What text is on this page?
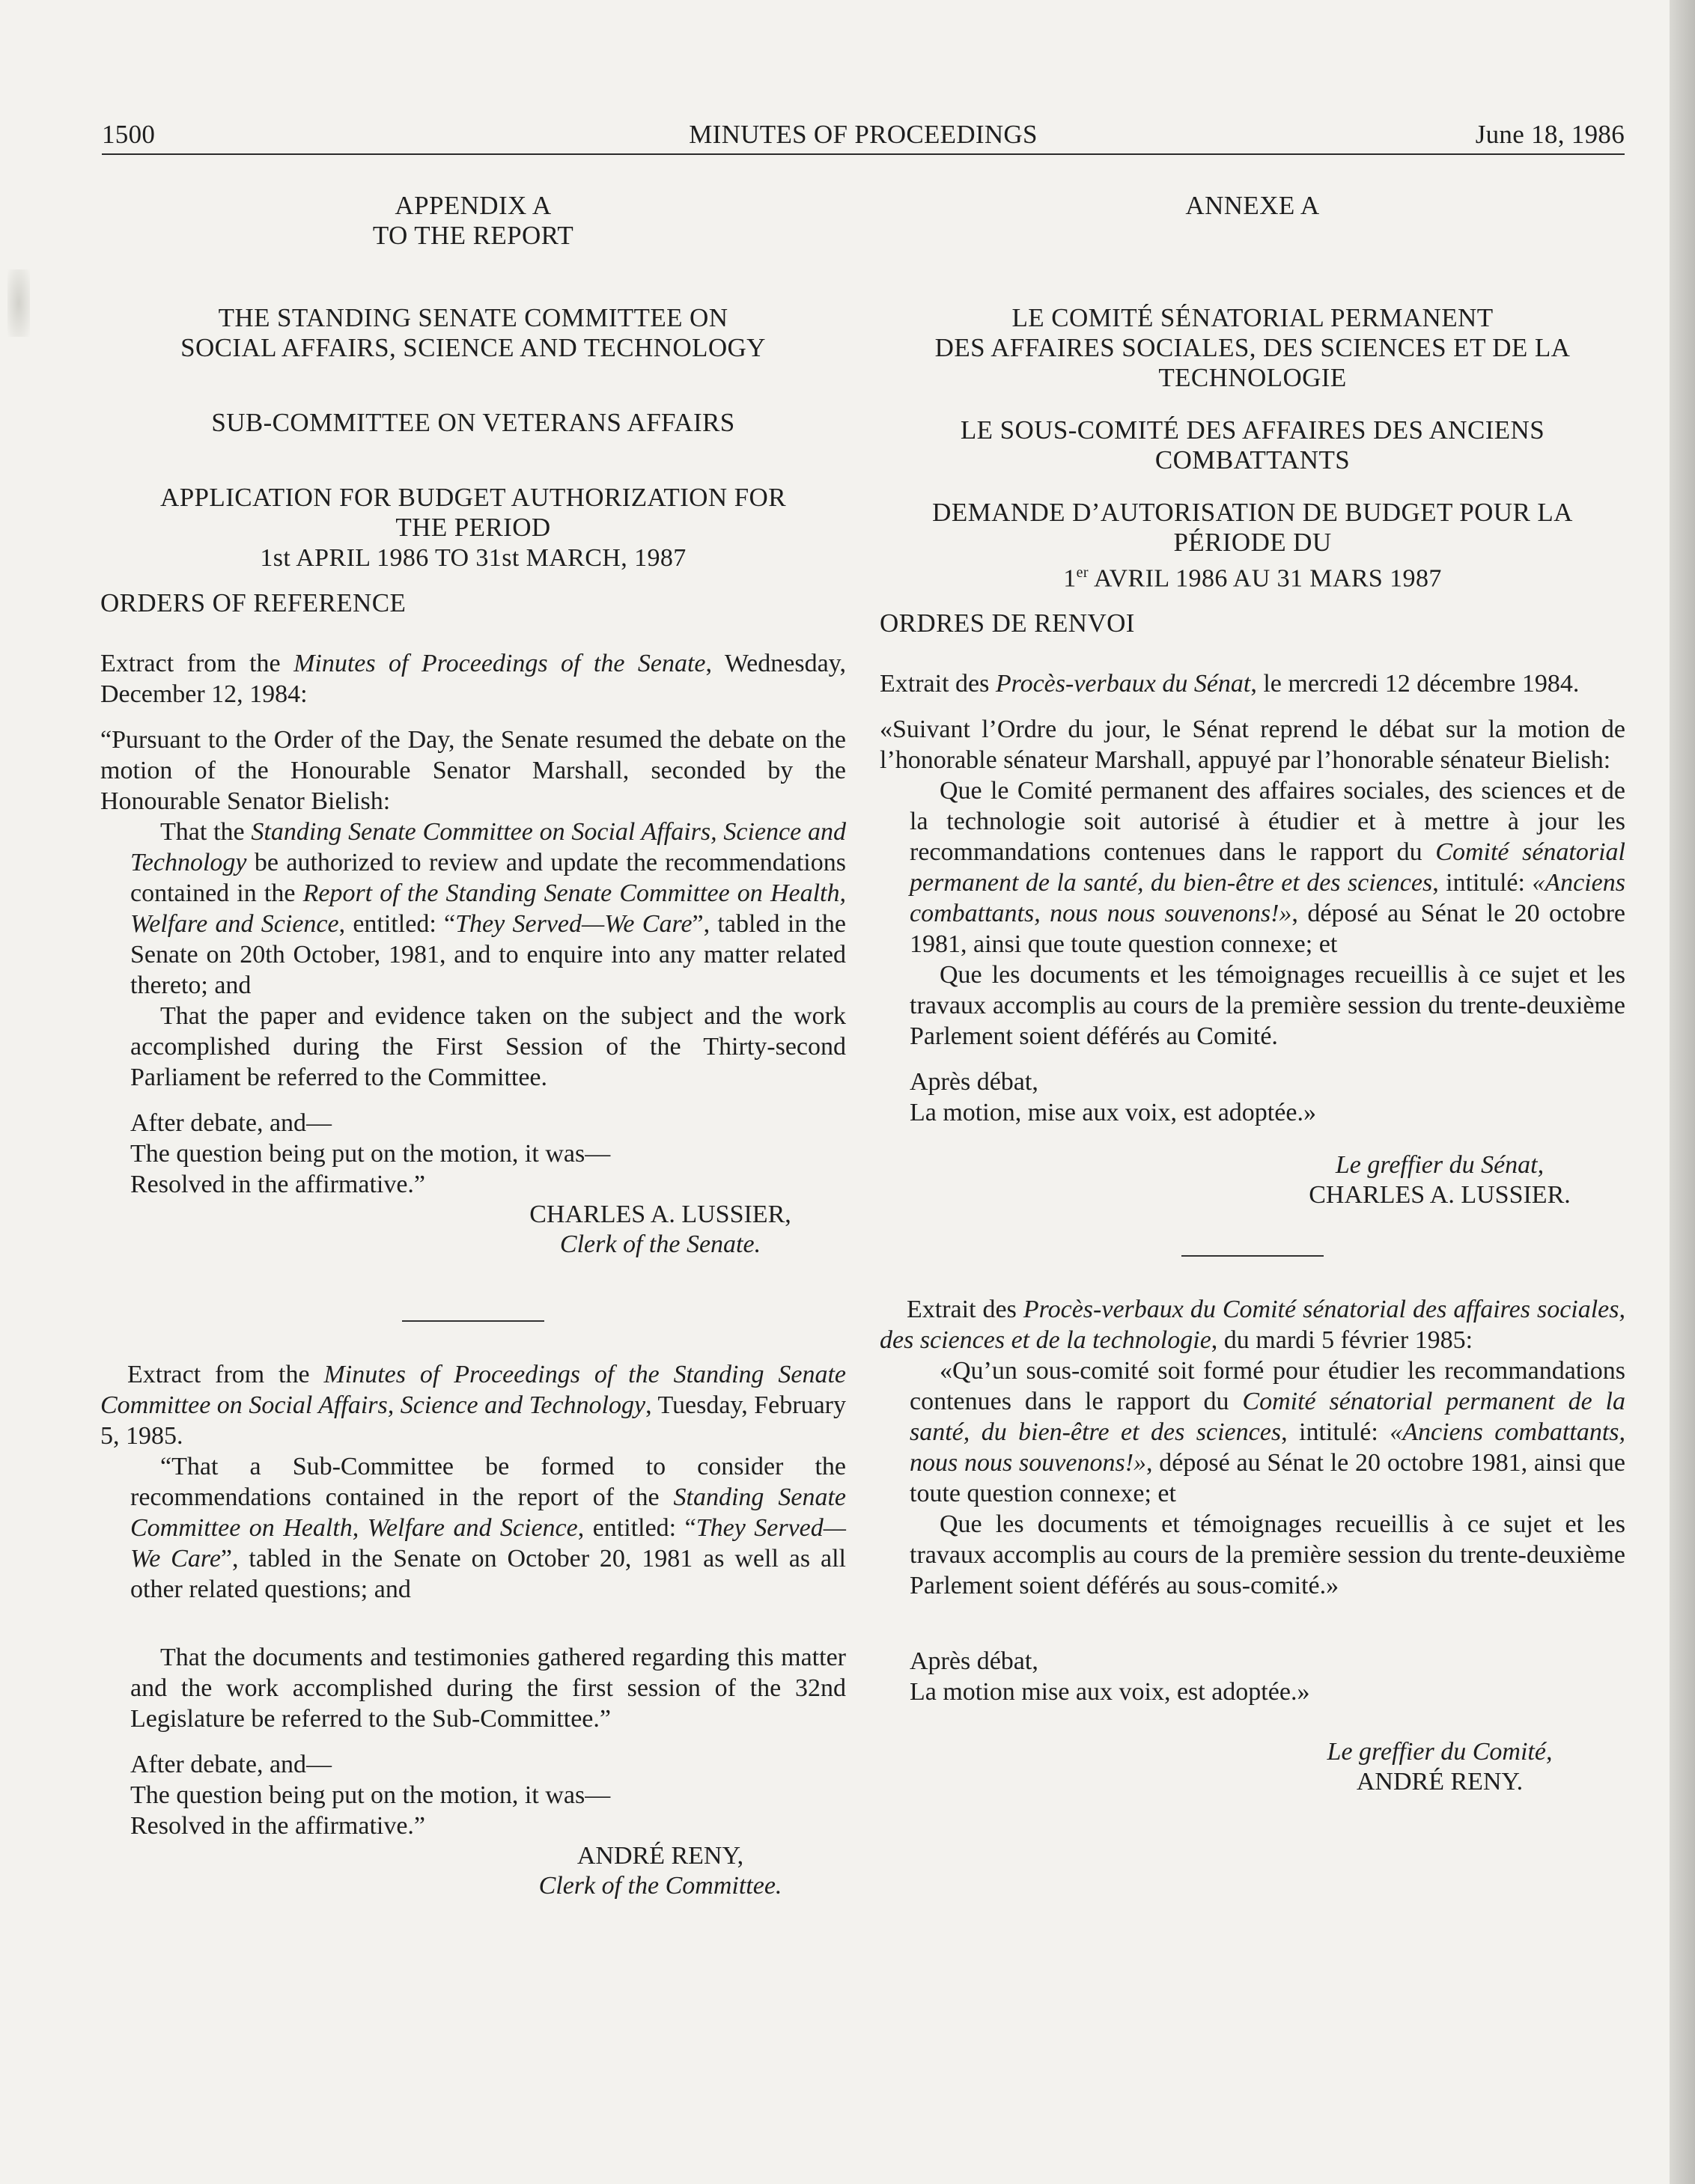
1500	MINUTES OF PROCEEDINGS	June 18, 1986
APPENDIX A
TO THE REPORT
THE STANDING SENATE COMMITTEE ON
SOCIAL AFFAIRS, SCIENCE AND TECHNOLOGY
SUB-COMMITTEE ON VETERANS AFFAIRS
APPLICATION FOR BUDGET AUTHORIZATION FOR
THE PERIOD
1st APRIL 1986 TO 31st MARCH, 1987
ORDERS OF REFERENCE

Extract from the Minutes of Proceedings of the Senate, Wednesday, December 12, 1984:

“Pursuant to the Order of the Day, the Senate resumed the debate on the motion of the Honourable Senator Marshall, seconded by the Honourable Senator Bielish:

That the Standing Senate Committee on Social Affairs, Science and Technology be authorized to review and update the recommendations contained in the Report of the Standing Senate Committee on Health, Welfare and Science, entitled: “They Served—We Care”, tabled in the Senate on 20th October, 1981, and to enquire into any matter related thereto; and

That the paper and evidence taken on the subject and the work accomplished during the First Session of the Thirty-second Parliament be referred to the Committee.

After debate, and—

The question being put on the motion, it was—

Resolved in the affirmative.”

CHARLES A. LUSSIER,
Clerk of the Senate.

Extract from the Minutes of Proceedings of the Standing Senate Committee on Social Affairs, Science and Technology, Tuesday, February 5, 1985.

“That a Sub-Committee be formed to consider the recommendations contained in the report of the Standing Senate Committee on Health, Welfare and Science, entitled: “They Served—We Care”, tabled in the Senate on October 20, 1981 as well as all other related questions; and

That the documents and testimonies gathered regarding this matter and the work accomplished during the first session of the 32nd Legislature be referred to the Sub-Committee.”

After debate, and—

The question being put on the motion, it was—

Resolved in the affirmative.”

ANDRÉ RENY,
Clerk of the Committee.
ANNEXE A
LE COMITÉ SÉNATORIAL PERMANENT
DES AFFAIRES SOCIALES, DES SCIENCES ET DE LA
TECHNOLOGIE
LE SOUS-COMITÉ DES AFFAIRES DES ANCIENS
COMBATTANTS
DEMANDE D’AUTORISATION DE BUDGET POUR LA
PÉRIODE DU
1er AVRIL 1986 AU 31 MARS 1987
ORDRES DE RENVOI

Extrait des Procès-verbaux du Sénat, le mercredi 12 décembre 1984.

«Suivant l’Ordre du jour, le Sénat reprend le débat sur la motion de l’honorable sénateur Marshall, appuyé par l’honorable sénateur Bielish:

Que le Comité permanent des affaires sociales, des sciences et de la technologie soit autorisé à étudier et à mettre à jour les recommandations contenues dans le rapport du Comité sénatorial permanent de la santé, du bien-être et des sciences, intitulé: «Anciens combattants, nous nous souvenons!», déposé au Sénat le 20 octobre 1981, ainsi que toute question connexe; et

Que les documents et les témoignages recueillis à ce sujet et les travaux accomplis au cours de la première session du trente-deuxième Parlement soient déférés au Comité.

Après débat,

La motion, mise aux voix, est adoptée.»

Le greffier du Sénat,
CHARLES A. LUSSIER.

Extrait des Procès-verbaux du Comité sénatorial des affaires sociales, des sciences et de la technologie, du mardi 5 février 1985:

«Qu’un sous-comité soit formé pour étudier les recommandations contenues dans le rapport du Comité sénatorial permanent de la santé, du bien-être et des sciences, intitulé: «Anciens combattants, nous nous souvenons!», déposé au Sénat le 20 octobre 1981, ainsi que toute question connexe; et

Que les documents et témoignages recueillis à ce sujet et les travaux accomplis au cours de la première session du trente-deuxième Parlement soient déférés au sous-comité.»

Après débat,

La motion mise aux voix, est adoptée.»

Le greffier du Comité,
ANDRÉ RENY.
